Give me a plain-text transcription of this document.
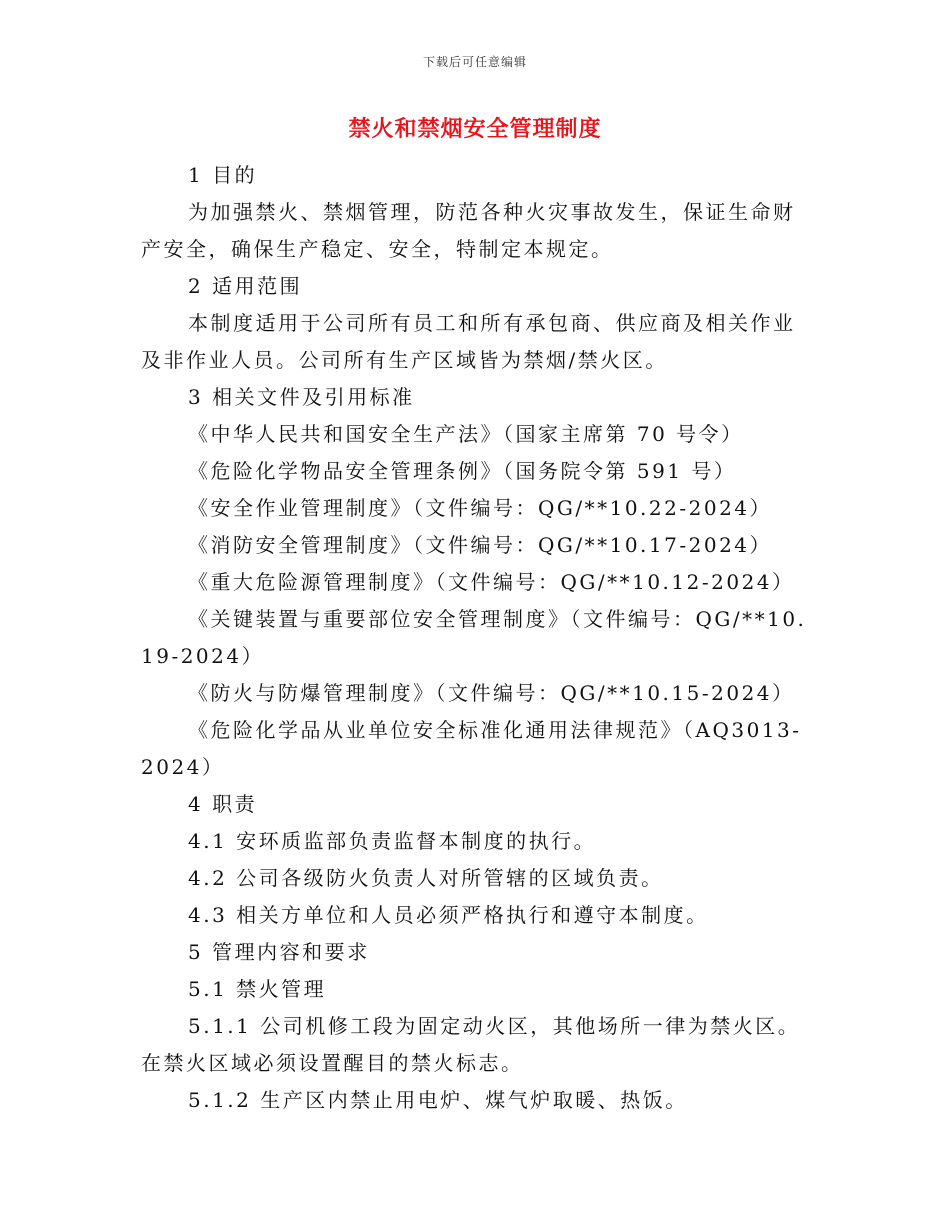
下载后可任意编辑
禁火和禁烟安全管理制度

1 目的

为加强禁火、禁烟管理，防范各种火灾事故发生，保证生命财产安全，确保生产稳定、安全，特制定本规定。

2 适用范围

本制度适用于公司所有员工和所有承包商、供应商及相关作业及非作业人员。公司所有生产区域皆为禁烟/禁火区。

3 相关文件及引用标准

《中华人民共和国安全生产法》（国家主席第 70 号令）

《危险化学物品安全管理条例》（国务院令第 591 号）

《安全作业管理制度》（文件编号：QG/**10.22-2024）

《消防安全管理制度》（文件编号：QG/**10.17-2024）

《重大危险源管理制度》（文件编号：QG/**10.12-2024）

《关键装置与重要部位安全管理制度》（文件编号：QG/**10.19-2024）

《防火与防爆管理制度》（文件编号：QG/**10.15-2024）

《危险化学品从业单位安全标准化通用法律规范》（AQ3013-2024）

4 职责

4.1 安环质监部负责监督本制度的执行。

4.2 公司各级防火负责人对所管辖的区域负责。

4.3 相关方单位和人员必须严格执行和遵守本制度。

5 管理内容和要求

5.1 禁火管理

5.1.1 公司机修工段为固定动火区，其他场所一律为禁火区。在禁火区域必须设置醒目的禁火标志。

5.1.2 生产区内禁止用电炉、煤气炉取暖、热饭。
